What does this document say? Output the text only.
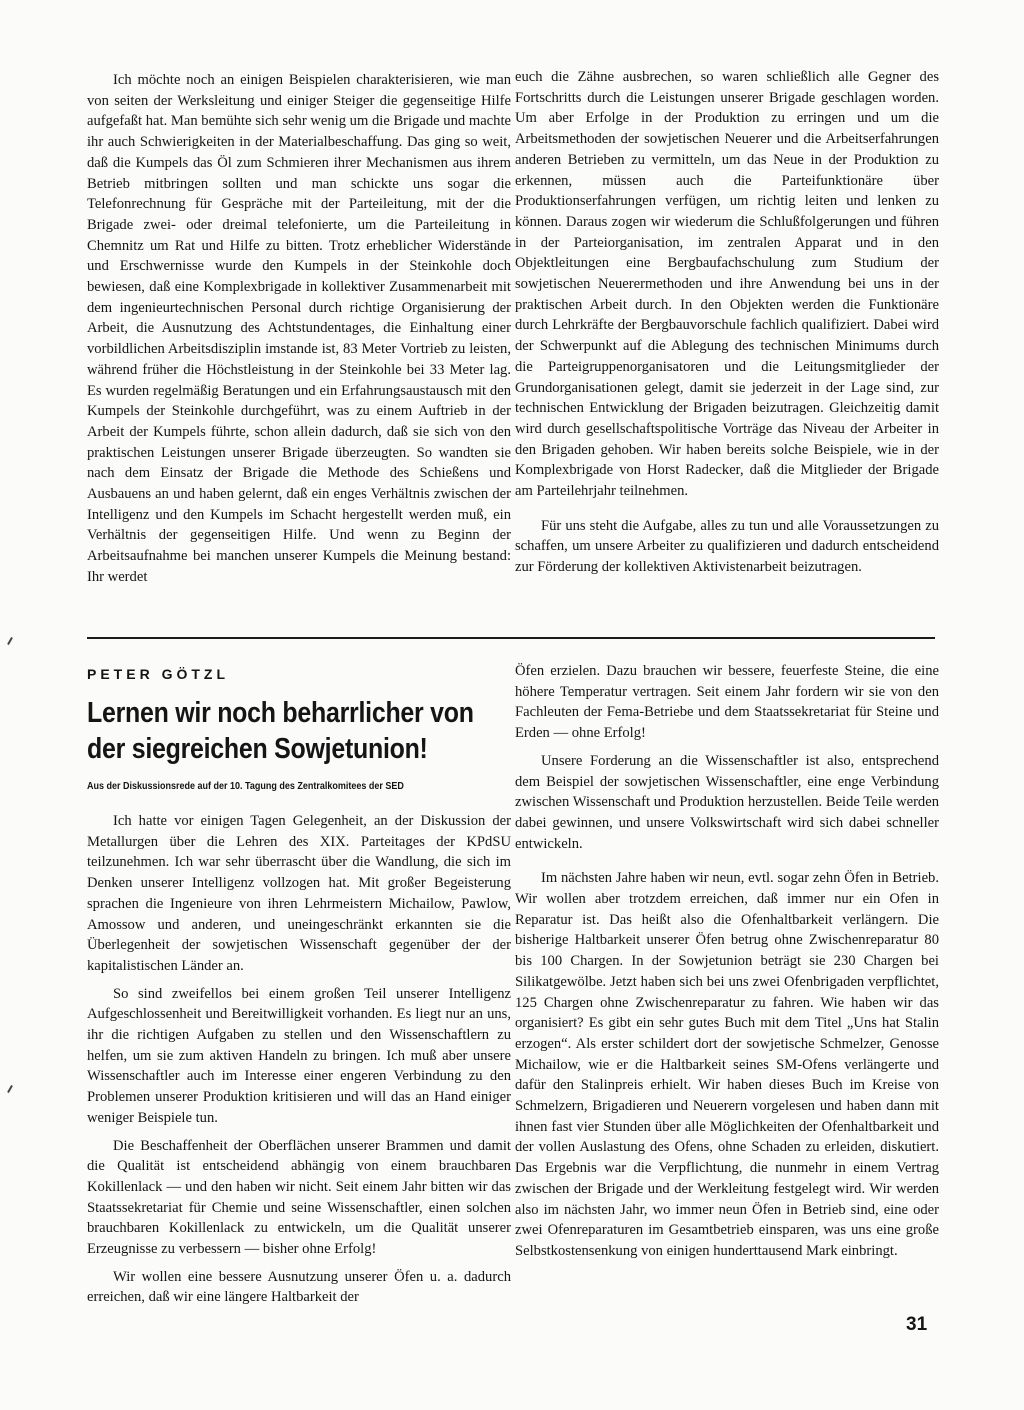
Ich möchte noch an einigen Beispielen charakterisieren, wie man von seiten der Werksleitung und einiger Steiger die gegenseitige Hilfe aufgefaßt hat. Man bemühte sich sehr wenig um die Brigade und machte ihr auch Schwierigkeiten in der Materialbeschaffung. Das ging so weit, daß die Kumpels das Öl zum Schmieren ihrer Mechanismen aus ihrem Betrieb mitbringen sollten und man schickte uns sogar die Telefonrechnung für Gespräche mit der Parteileitung, mit der die Brigade zwei- oder dreimal telefonierte, um die Parteileitung in Chemnitz um Rat und Hilfe zu bitten. Trotz erheblicher Widerstände und Erschwernisse wurde den Kumpels in der Steinkohle doch bewiesen, daß eine Komplexbrigade in kollektiver Zusammenarbeit mit dem ingenieurtechnischen Personal durch richtige Organisierung der Arbeit, die Ausnutzung des Achtstundentages, die Einhaltung einer vorbildlichen Arbeitsdisziplin imstande ist, 83 Meter Vortrieb zu leisten, während früher die Höchstleistung in der Steinkohle bei 33 Meter lag. Es wurden regelmäßig Beratungen und ein Erfahrungsaustausch mit den Kumpels der Steinkohle durchgeführt, was zu einem Auftrieb in der Arbeit der Kumpels führte, schon allein dadurch, daß sie sich von den praktischen Leistungen unserer Brigade überzeugten. So wandten sie nach dem Einsatz der Brigade die Methode des Schießens und Ausbauens an und haben gelernt, daß ein enges Verhältnis zwischen der Intelligenz und den Kumpels im Schacht hergestellt werden muß, ein Verhältnis der gegenseitigen Hilfe. Und wenn zu Beginn der Arbeitsaufnahme bei manchen unserer Kumpels die Meinung bestand: Ihr werdet

euch die Zähne ausbrechen, so waren schließlich alle Gegner des Fortschritts durch die Leistungen unserer Brigade geschlagen worden. Um aber Erfolge in der Produktion zu erringen und um die Arbeitsmethoden der sowjetischen Neuerer und die Arbeitserfahrungen anderen Betrieben zu vermitteln, um das Neue in der Produktion zu erkennen, müssen auch die Parteifunktionäre über Produktionserfahrungen verfügen, um richtig leiten und lenken zu können. Daraus zogen wir wiederum die Schlußfolgerungen und führen in der Parteiorganisation, im zentralen Apparat und in den Objektleitungen eine Bergbaufachschulung zum Studium der sowjetischen Neuerermethoden und ihre Anwendung bei uns in der praktischen Arbeit durch. In den Objekten werden die Funktionäre durch Lehrkräfte der Bergbauvorschule fachlich qualifiziert. Dabei wird der Schwerpunkt auf die Ablegung des technischen Minimums durch die Parteigruppenorganisatoren und die Leitungsmitglieder der Grundorganisationen gelegt, damit sie jederzeit in der Lage sind, zur technischen Entwicklung der Brigaden beizutragen. Gleichzeitig damit wird durch gesellschaftspolitische Vorträge das Niveau der Arbeiter in den Brigaden gehoben. Wir haben bereits solche Beispiele, wie in der Komplexbrigade von Horst Radecker, daß die Mitglieder der Brigade am Parteilehrjahr teilnehmen.

Für uns steht die Aufgabe, alles zu tun und alle Voraussetzungen zu schaffen, um unsere Arbeiter zu qualifizieren und dadurch entscheidend zur Förderung der kollektiven Aktivistenarbeit beizutragen.

PETER GÖTZL
Lernen wir noch beharrlicher von
der siegreichen Sowjetunion!
Aus der Diskussionsrede auf der 10. Tagung des Zentralkomitees der SED

Ich hatte vor einigen Tagen Gelegenheit, an der Diskussion der Metallurgen über die Lehren des XIX. Parteitages der KPdSU teilzunehmen. Ich war sehr überrascht über die Wandlung, die sich im Denken unserer Intelligenz vollzogen hat. Mit großer Begeisterung sprachen die Ingenieure von ihren Lehrmeistern Michailow, Pawlow, Amossow und anderen, und uneingeschränkt erkannten sie die Überlegenheit der sowjetischen Wissenschaft gegenüber der der kapitalistischen Länder an.

So sind zweifellos bei einem großen Teil unserer Intelligenz Aufgeschlossenheit und Bereitwilligkeit vorhanden. Es liegt nur an uns, ihr die richtigen Aufgaben zu stellen und den Wissenschaftlern zu helfen, um sie zum aktiven Handeln zu bringen. Ich muß aber unsere Wissenschaftler auch im Interesse einer engeren Verbindung zu den Problemen unserer Produktion kritisieren und will das an Hand einiger weniger Beispiele tun.

Die Beschaffenheit der Oberflächen unserer Brammen und damit die Qualität ist entscheidend abhängig von einem brauchbaren Kokillenlack — und den haben wir nicht. Seit einem Jahr bitten wir das Staatssekretariat für Chemie und seine Wissenschaftler, einen solchen brauchbaren Kokillenlack zu entwickeln, um die Qualität unserer Erzeugnisse zu verbessern — bisher ohne Erfolg!

Wir wollen eine bessere Ausnutzung unserer Öfen u. a. dadurch erreichen, daß wir eine längere Haltbarkeit der

Öfen erzielen. Dazu brauchen wir bessere, feuerfeste Steine, die eine höhere Temperatur vertragen. Seit einem Jahr fordern wir sie von den Fachleuten der Fema-Betriebe und dem Staatssekretariat für Steine und Erden — ohne Erfolg!

Unsere Forderung an die Wissenschaftler ist also, entsprechend dem Beispiel der sowjetischen Wissenschaftler, eine enge Verbindung zwischen Wissenschaft und Produktion herzustellen. Beide Teile werden dabei gewinnen, und unsere Volkswirtschaft wird sich dabei schneller entwickeln.

Im nächsten Jahre haben wir neun, evtl. sogar zehn Öfen in Betrieb. Wir wollen aber trotzdem erreichen, daß immer nur ein Ofen in Reparatur ist. Das heißt also die Ofenhaltbarkeit verlängern. Die bisherige Haltbarkeit unserer Öfen betrug ohne Zwischenreparatur 80 bis 100 Chargen. In der Sowjetunion beträgt sie 230 Chargen bei Silikatgewölbe. Jetzt haben sich bei uns zwei Ofenbrigaden verpflichtet, 125 Chargen ohne Zwischenreparatur zu fahren. Wie haben wir das organisiert? Es gibt ein sehr gutes Buch mit dem Titel „Uns hat Stalin erzogen“. Als erster schildert dort der sowjetische Schmelzer, Genosse Michailow, wie er die Haltbarkeit seines SM-Ofens verlängerte und dafür den Stalinpreis erhielt. Wir haben dieses Buch im Kreise von Schmelzern, Brigadieren und Neuerern vorgelesen und haben dann mit ihnen fast vier Stunden über alle Möglichkeiten der Ofenhaltbarkeit und der vollen Auslastung des Ofens, ohne Schaden zu erleiden, diskutiert. Das Ergebnis war die Verpflichtung, die nunmehr in einem Vertrag zwischen der Brigade und der Werkleitung festgelegt wird. Wir werden also im nächsten Jahr, wo immer neun Öfen in Betrieb sind, eine oder zwei Ofenreparaturen im Gesamtbetrieb einsparen, was uns eine große Selbstkostensenkung von einigen hunderttausend Mark einbringt.

31
